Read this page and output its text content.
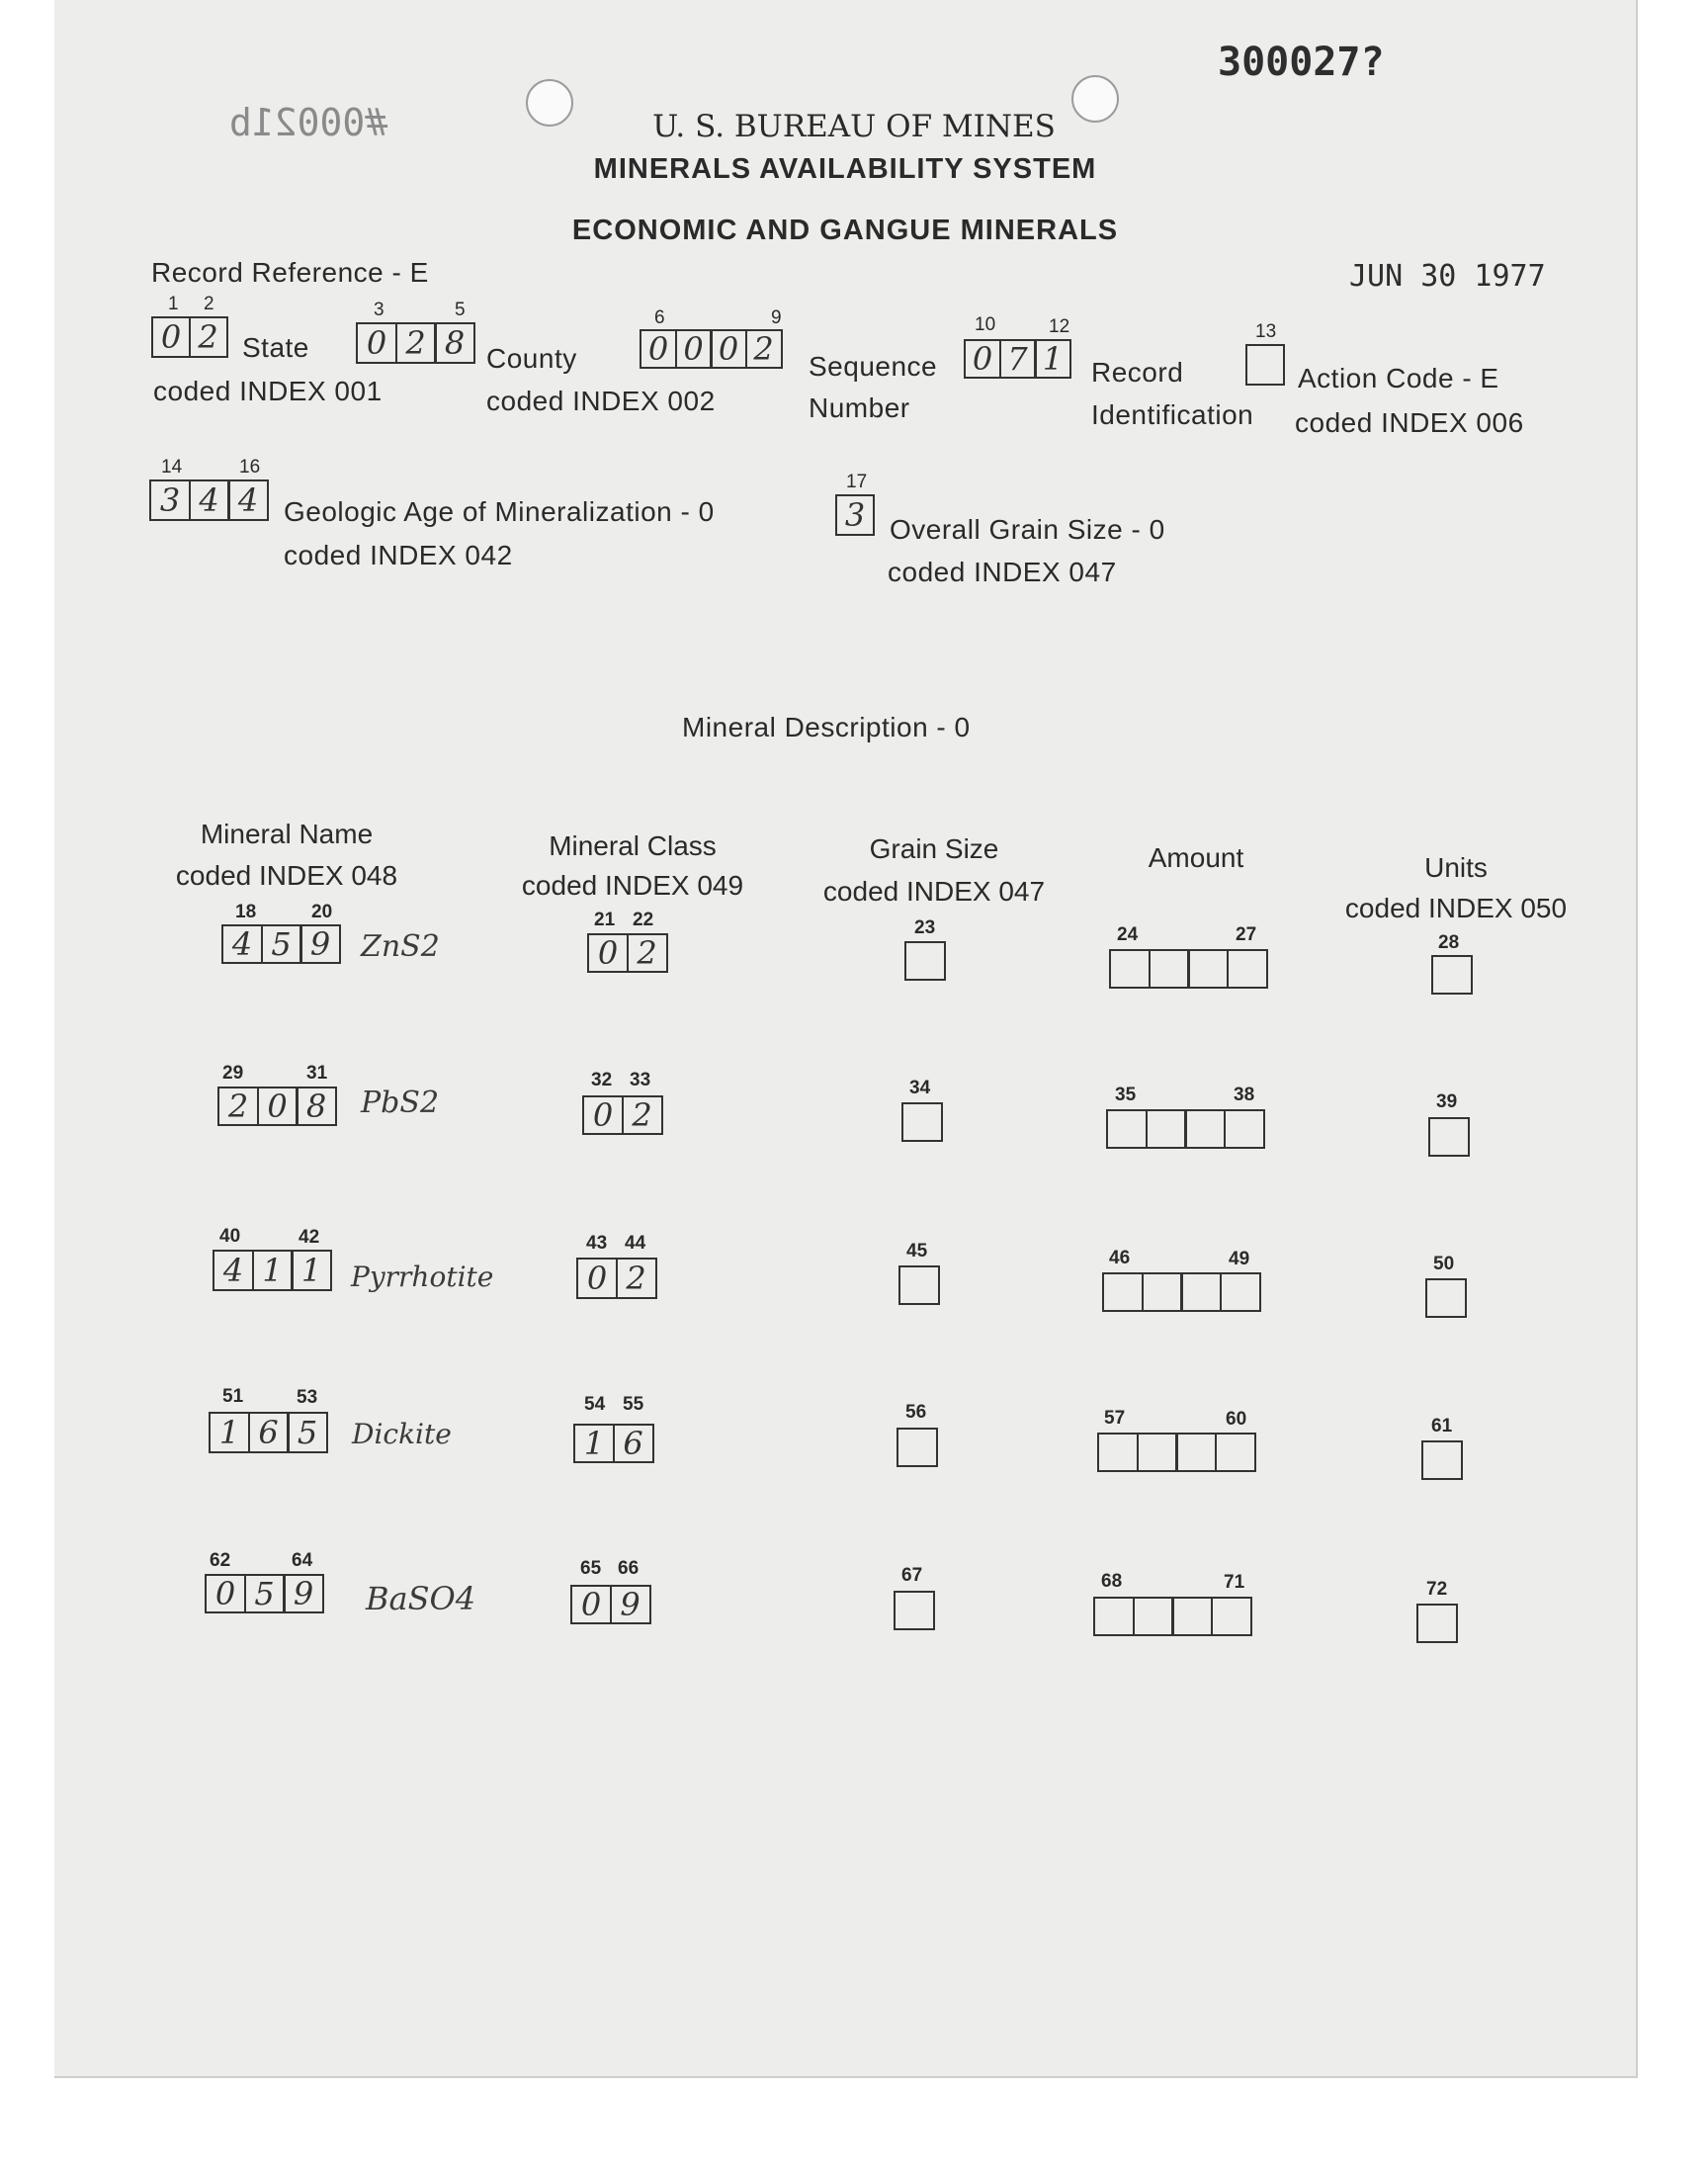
300027?
#00021b
JUN 30 1977
U. S. BUREAU OF MINES
MINERALS AVAILABILITY SYSTEM
ECONOMIC AND GANGUE MINERALS
Record Reference - E
1 2
0 2 State
coded INDEX 001
3	5
0 2 8 County
coded INDEX 002
6	9
0 0 0 2	Sequence
Number
10	12
0 7 1	Record
Identification
13
Action Code - E
coded INDEX 006
14	16
3 4 4 Geologic Age of Mineralization - 0
coded INDEX 042
17
3 Overall Grain Size - 0
coded INDEX 047
Mineral Description - 0
Mineral Name
coded INDEX 048
Mineral Class
coded INDEX 049
Grain Size
coded INDEX 047
Amount	Units
coded INDEX 050
18	20
4 5 9	ZnS2
21 22
0 2
23	24	27	28
29	31
2 0 8	PbS2
32 33
0 2
34	35	38	39
40	42
4 1 1	Pyrrhotite
43 44
0 2
45	46	49	50
51	53
1 6 5	Dickite
54 55
1 6
56	57	60	61
62	64
0 5 9	BaSO4
65 66
0 9
67	68	71	72
